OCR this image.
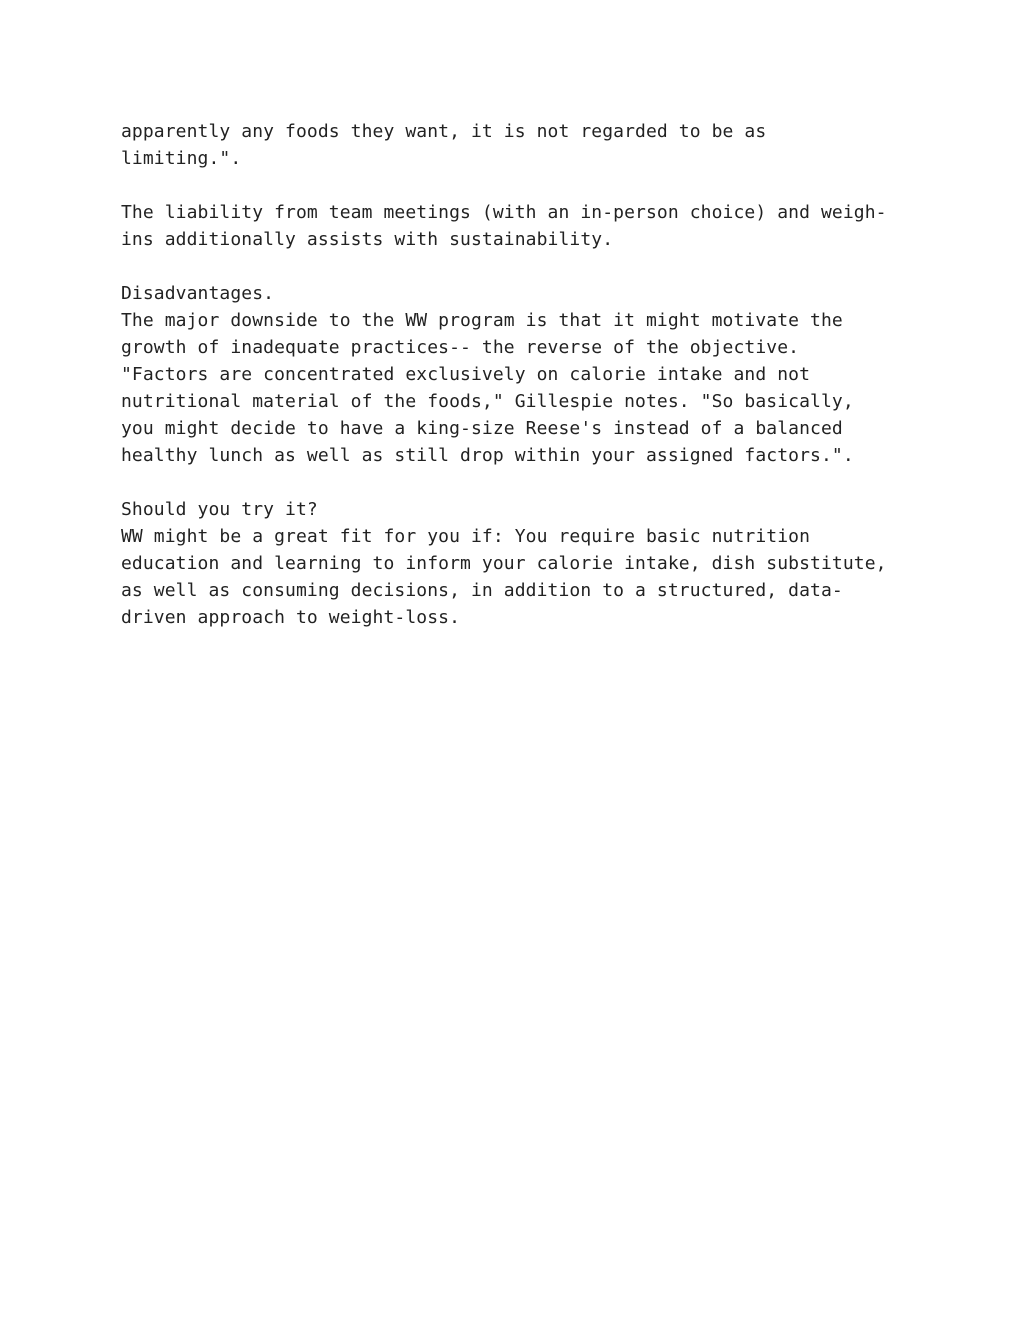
apparently any foods they want, it is not regarded to be as
limiting.".
The liability from team meetings (with an in-person choice) and weigh-
ins additionally assists with sustainability.
Disadvantages.
The major downside to the WW program is that it might motivate the
growth of inadequate practices-- the reverse of the objective.
"Factors are concentrated exclusively on calorie intake and not
nutritional material of the foods," Gillespie notes. "So basically,
you might decide to have a king-size Reese's instead of a balanced
healthy lunch as well as still drop within your assigned factors.".
Should you try it?
WW might be a great fit for you if: You require basic nutrition
education and learning to inform your calorie intake, dish substitute,
as well as consuming decisions, in addition to a structured, data-
driven approach to weight-loss.
